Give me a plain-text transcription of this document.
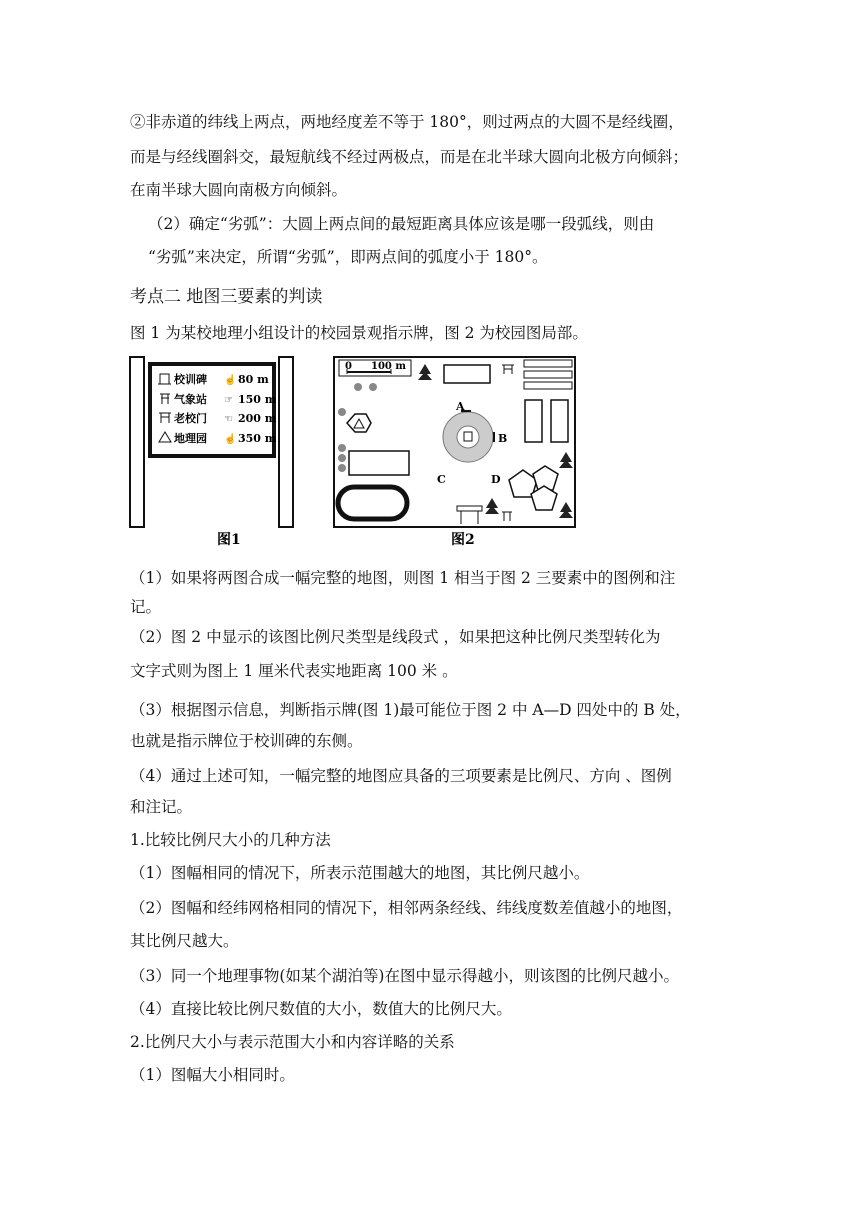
②非赤道的纬线上两点，两地经度差不等于 180°，则过两点的大圆不是经线圈，
而是与经线圈斜交，最短航线不经过两极点，而是在北半球大圆向北极方向倾斜；
在南半球大圆向南极方向倾斜。
（2）确定“劣弧”：大圆上两点间的最短距离具体应该是哪一段弧线，则由
“劣弧”来决定，所谓“劣弧”，即两点间的弧度小于 180°。
考点二 地图三要素的判读
图 1 为某校地理小组设计的校园景观指示牌，图 2 为校园图局部。
☝
☞
☜
☝
校训碑	80 m
气象站	150 m
老校门	200 m
地理园	350 m
图1
0 100 m
A
B
C	D
图2
（1）如果将两图合成一幅完整的地图，则图 1 相当于图 2 三要素中的图例和注
记。
（2）图 2 中显示的该图比例尺类型是线段式 ，如果把这种比例尺类型转化为
文字式则为图上 1 厘米代表实地距离 100 米 。
（3）根据图示信息，判断指示牌(图 1)最可能位于图 2 中 A—D 四处中的 B 处，
也就是指示牌位于校训碑的东侧。
（4）通过上述可知，一幅完整的地图应具备的三项要素是比例尺、方向 、图例
和注记。
1.比较比例尺大小的几种方法
（1）图幅相同的情况下，所表示范围越大的地图，其比例尺越小。
（2）图幅和经纬网格相同的情况下，相邻两条经线、纬线度数差值越小的地图，
其比例尺越大。
（3）同一个地理事物(如某个湖泊等)在图中显示得越小，则该图的比例尺越小。
（4）直接比较比例尺数值的大小，数值大的比例尺大。
2.比例尺大小与表示范围大小和内容详略的关系
（1）图幅大小相同时。
